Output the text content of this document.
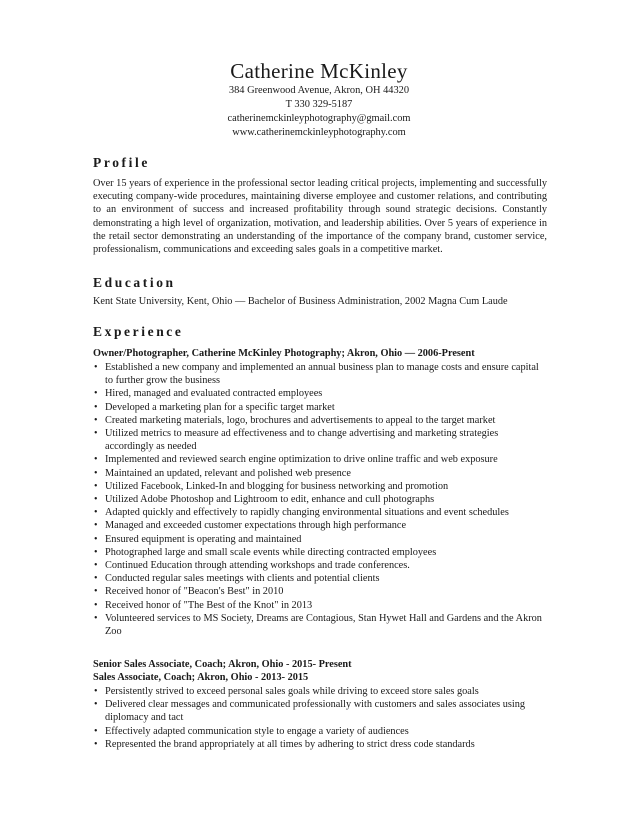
Catherine McKinley
384 Greenwood Avenue, Akron, OH 44320
T 330 329-5187
catherinemckinleyphotography@gmail.com
www.catherinemckinleyphotography.com
Profile
Over 15 years of experience in the professional sector leading critical projects, implementing and successfully executing company-wide procedures, maintaining diverse employee and customer relations, and contributing to an environment of success and increased profitability through sound strategic decisions. Constantly demonstrating a high level of organization, motivation, and leadership abilities. Over 5 years of experience in the retail sector demonstrating an understanding of the importance of the company brand, customer service, professionalism, communications and exceeding sales goals in a competitive market.
Education
Kent State University, Kent, Ohio — Bachelor of Business Administration, 2002 Magna Cum Laude
Experience
Owner/Photographer, Catherine McKinley Photography; Akron, Ohio — 2006-Present
• Established a new company and implemented an annual business plan to manage costs and ensure capital to further grow the business
• Hired, managed and evaluated contracted employees
• Developed a marketing plan for a specific target market
• Created marketing materials, logo, brochures and advertisements to appeal to the target market
• Utilized metrics to measure ad effectiveness and to change advertising and marketing strategies accordingly as needed
• Implemented and reviewed search engine optimization to drive online traffic and web exposure
• Maintained an updated, relevant and polished web presence
• Utilized Facebook, Linked-In and blogging for business networking and promotion
• Utilized Adobe Photoshop and Lightroom to edit, enhance and cull photographs
• Adapted quickly and effectively to rapidly changing environmental situations and event schedules
• Managed and exceeded customer expectations through high performance
• Ensured equipment is operating and maintained
• Photographed large and small scale events while directing contracted employees
• Continued Education through attending workshops and trade conferences.
• Conducted regular sales meetings with clients and potential clients
• Received honor of "Beacon's Best" in 2010
• Received honor of "The Best of the Knot" in 2013
• Volunteered services to MS Society, Dreams are Contagious, Stan Hywet Hall and Gardens and the Akron Zoo
Senior Sales Associate, Coach; Akron, Ohio - 2015- Present
Sales Associate, Coach; Akron, Ohio - 2013- 2015
• Persistently strived to exceed personal sales goals while driving to exceed store sales goals
• Delivered clear messages and communicated professionally with customers and sales associates using diplomacy and tact
• Effectively adapted communication style to engage a variety of audiences
• Represented the brand appropriately at all times by adhering to strict dress code standards
